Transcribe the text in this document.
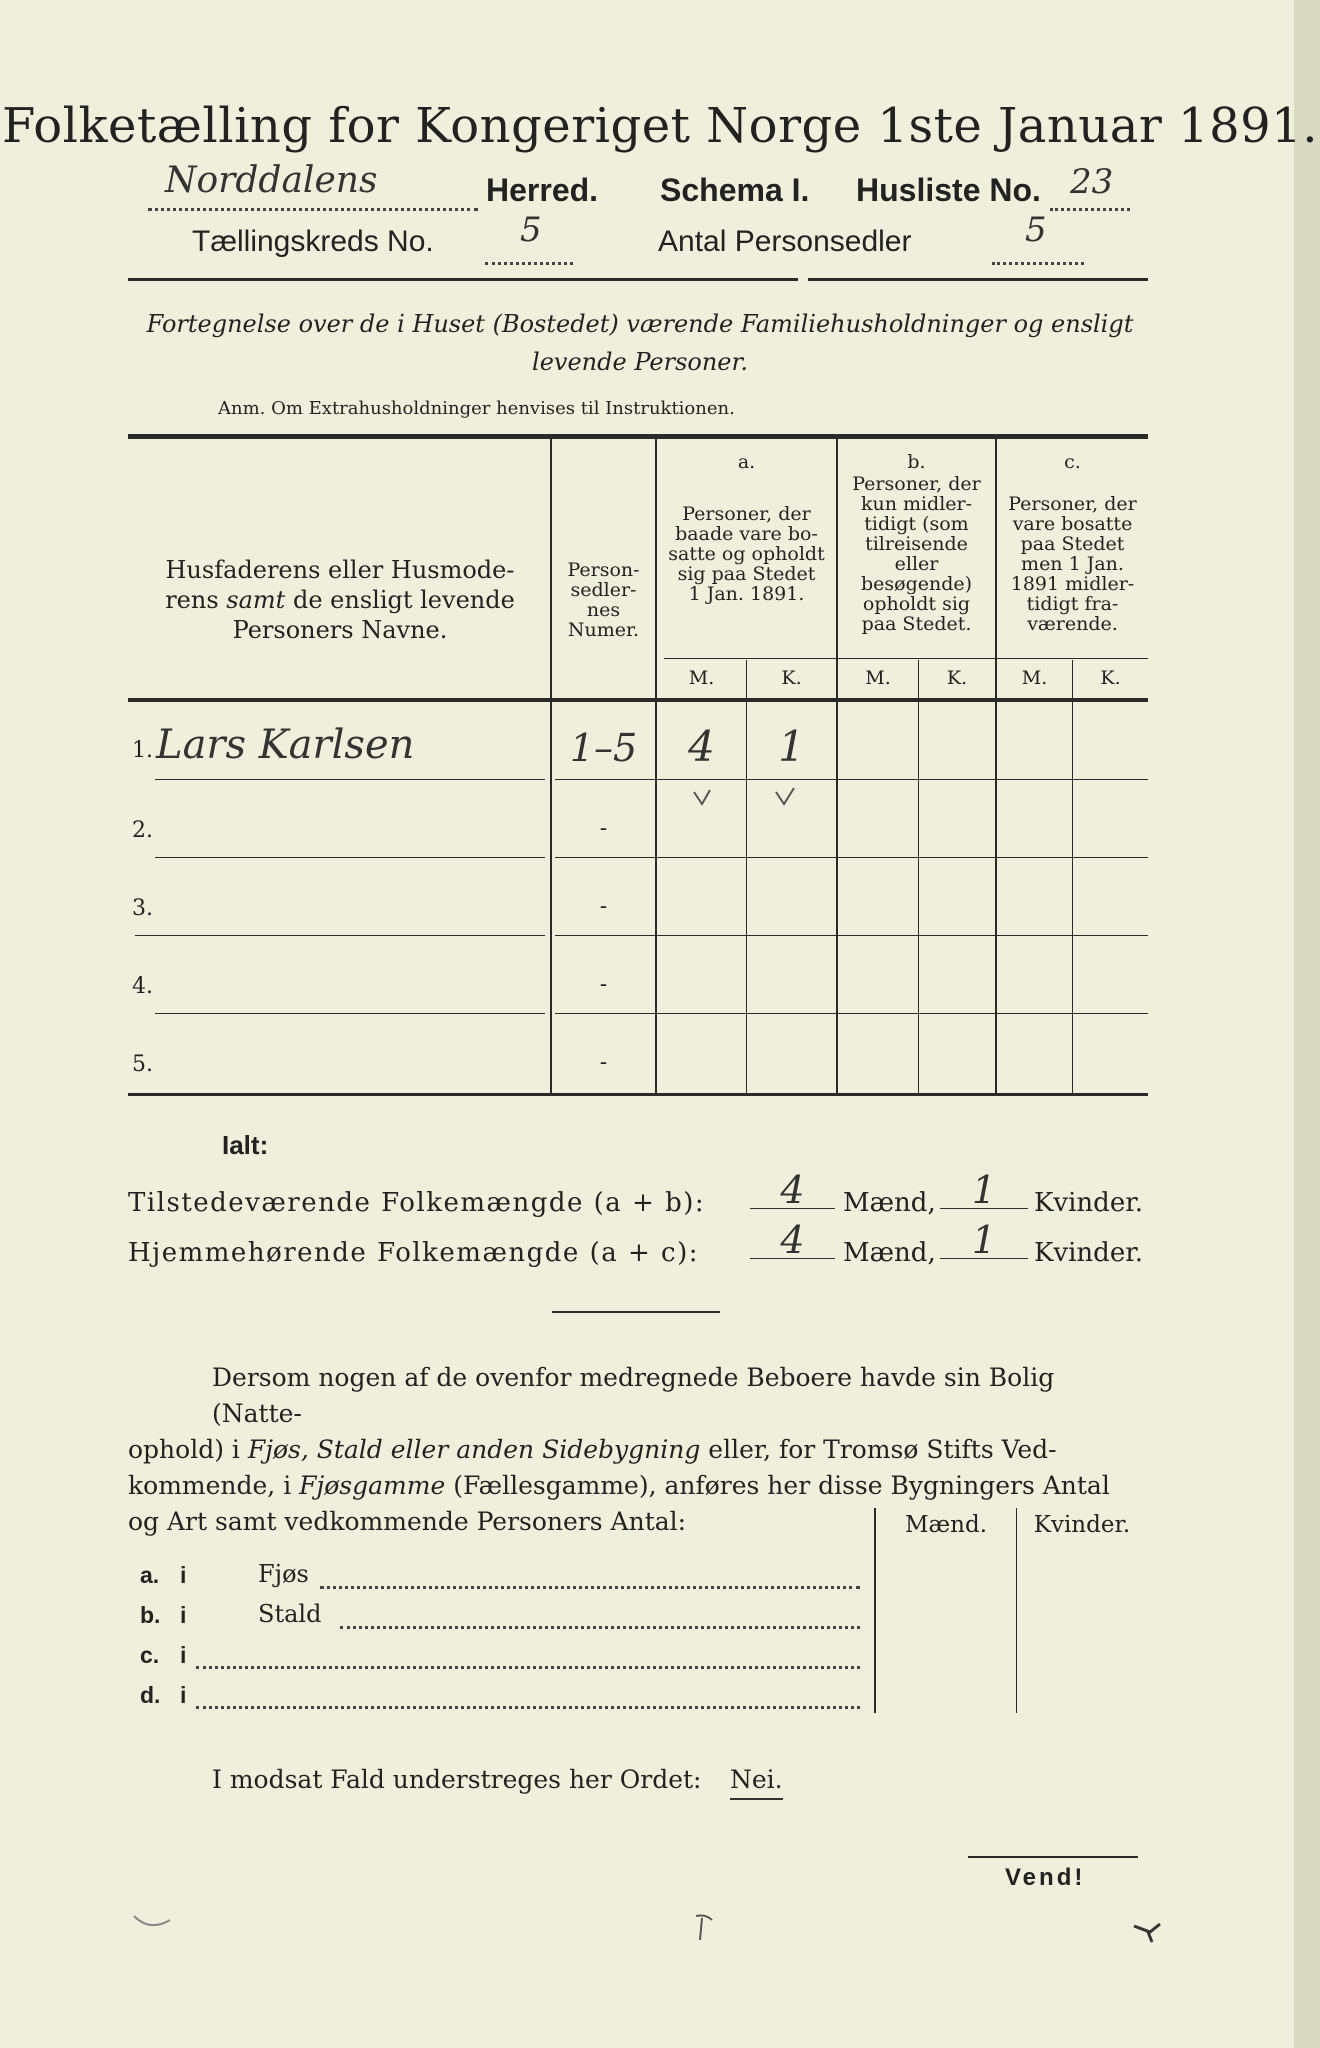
Folketælling for Kongeriget Norge 1ste Januar 1891.
Norddalens	Herred. Schema I. Husliste No. 23
Tællingskreds No.	5	Antal Personsedler	5
Fortegnelse over de i Huset (Bostedet) værende Familiehusholdninger og ensligt
levende Personer.
Anm. Om Extrahusholdninger henvises til Instruktionen.
Husfaderens eller Husmode-
rens samt de ensligt levende
Personers Navne.
Person-
sedler-
nes
Numer.
a.
Personer, der
baade vare bo-
satte og opholdt
sig paa Stedet
1 Jan. 1891.
b.
Personer, der
kun midler-
tidigt (som
tilreisende
eller
besøgende)
opholdt sig
paa Stedet.
c.
Personer, der
vare bosatte
paa Stedet
men 1 Jan.
1891 midler-
tidigt fra-
værende.
M.	K.	M.	K.	M.	K.
1. Lars Karlsen	1–5	4	1
2.	-
3.	-
4.	-
5.	-
Ialt:
Tilstedeværende Folkemængde (a + b):	4	Mænd, 1	Kvinder.
Hjemmehørende Folkemængde (a + c):	4	Mænd, 1	Kvinder.
Dersom nogen af de ovenfor medregnede Beboere havde sin Bolig (Natte-
ophold) i Fjøs, Stald eller anden Sidebygning eller, for Tromsø Stifts Ved-
kommende, i Fjøsgamme (Fællesgamme), anføres her disse Bygningers Antal
og Art samt vedkommende Personers Antal:	Mænd.	Kvinder.
a. i	Fjøs
b. i	Stald
c. i
d. i
I modsat Fald understreges her Ordet: Nei.
Vend!
